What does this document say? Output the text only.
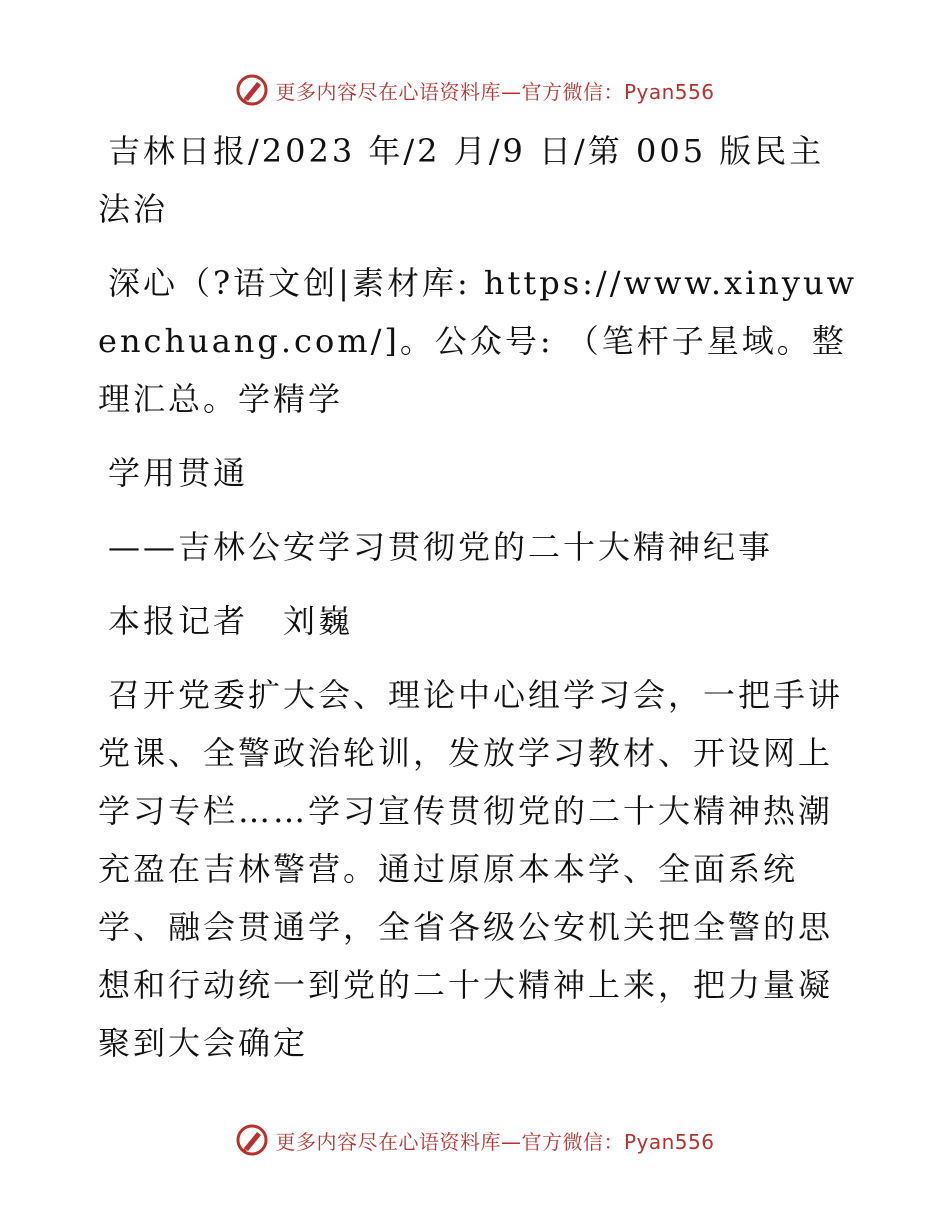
更多内容尽在心语资料库—官方微信：Pyan556

吉林日报/2023 年/2 月/9 日/第 005 版民主法治

深心（?语文创|素材库: https://www.xinyuwenchuang.com/]。公众号: （笔杆子星域。整理汇总。学精学

学用贯通

——吉林公安学习贯彻党的二十大精神纪事

本报记者　刘巍

召开党委扩大会、理论中心组学习会，一把手讲党课、全警政治轮训，发放学习教材、开设网上学习专栏……学习宣传贯彻党的二十大精神热潮充盈在吉林警营。通过原原本本学、全面系统学、融会贯通学，全省各级公安机关把全警的思想和行动统一到党的二十大精神上来，把力量凝聚到大会确定

更多内容尽在心语资料库—官方微信：Pyan556
